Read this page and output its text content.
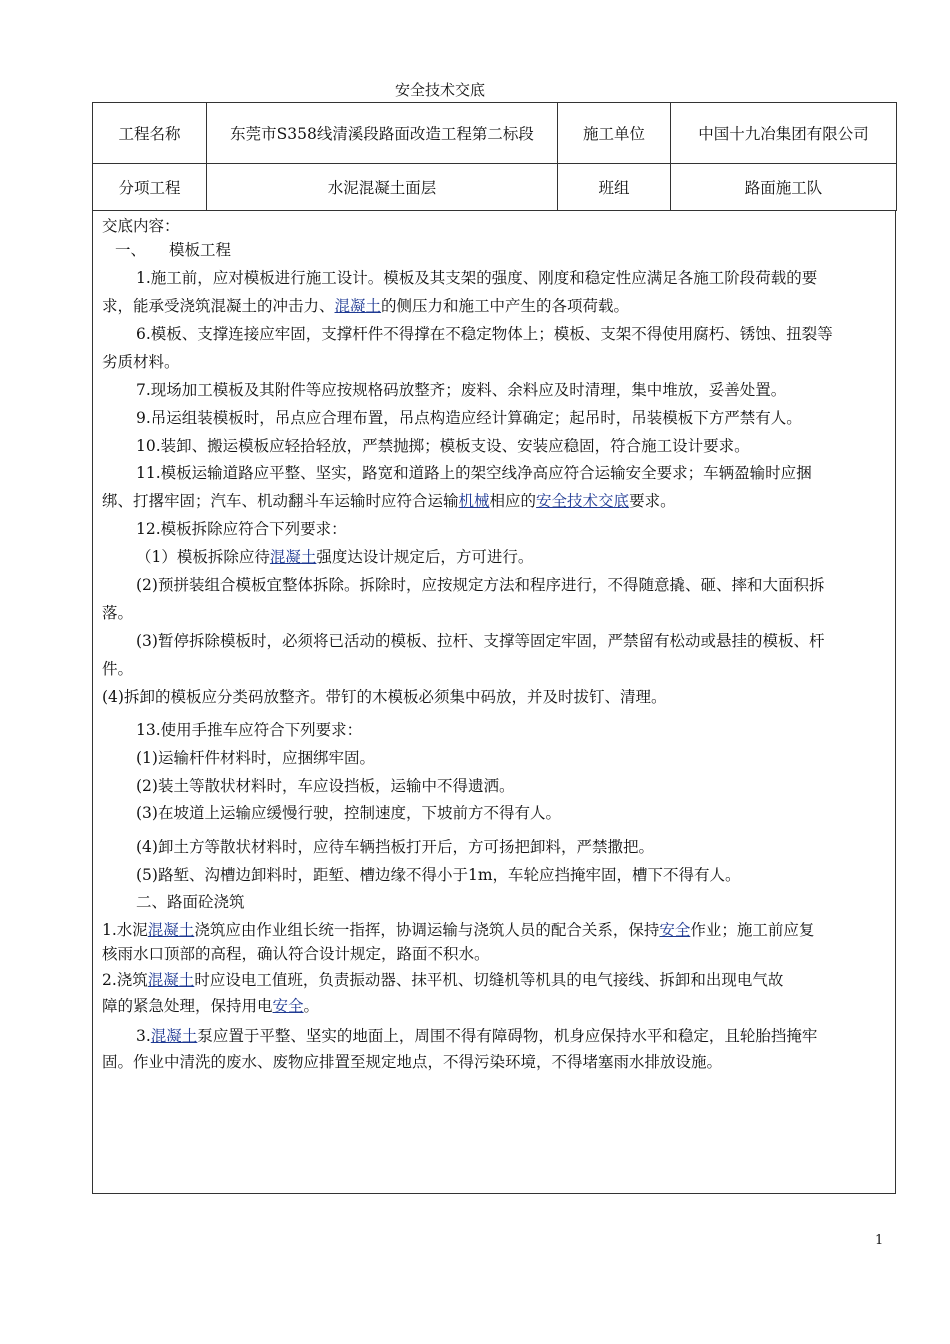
安全技术交底
工程名称	东莞市S358线清溪段路面改造工程第二标段	施工单位	中国十九冶集团有限公司
分项工程	水泥混凝土面层	班组	路面施工队
交底内容：
一、 模板工程
1.施工前，应对模板进行施工设计。模板及其支架的强度、刚度和稳定性应满足各施工阶段荷载的要
求，能承受浇筑混凝土的冲击力、混凝土的侧压力和施工中产生的各项荷载。
6.模板、支撑连接应牢固，支撑杆件不得撑在不稳定物体上；模板、支架不得使用腐朽、锈蚀、扭裂等
劣质材料。
7.现场加工模板及其附件等应按规格码放整齐；废料、余料应及时清理，集中堆放，妥善处置。
9.吊运组装模板时，吊点应合理布置，吊点构造应经计算确定；起吊时，吊装模板下方严禁有人。
10.装卸、搬运模板应轻拾轻放，严禁抛掷；模板支设、安装应稳固，符合施工设计要求。
11.模板运输道路应平整、坚实，路宽和道路上的架空线净高应符合运输安全要求；车辆盈输时应捆
绑、打撂牢固；汽车、机动翻斗车运输时应符合运输机械相应的安全技术交底要求。
12.模板拆除应符合下列要求：
（1）模板拆除应待混凝土强度达设计规定后，方可进行。
(2)预拼装组合模板宜整体拆除。拆除时，应按规定方法和程序进行，不得随意撬、砸、摔和大面积拆
落。
(3)暂停拆除模板时，必须将已活动的模板、拉杆、支撑等固定牢固，严禁留有松动或悬挂的模板、杆
件。
(4)拆卸的模板应分类码放整齐。带钉的木模板必须集中码放，并及时拔钉、清理。
13.使用手推车应符合下列要求：
(1)运输杆件材料时，应捆绑牢固。
(2)装土等散状材料时，车应设挡板，运输中不得遗洒。
(3)在坡道上运输应缓慢行驶，控制速度，下坡前方不得有人。
(4)卸土方等散状材料时，应待车辆挡板打开后，方可扬把卸料，严禁撒把。
(5)路堑、沟槽边卸料时，距堑、槽边缘不得小于1m，车轮应挡掩牢固，槽下不得有人。
二、路面砼浇筑
1.水泥混凝土浇筑应由作业组长统一指挥，协调运输与浇筑人员的配合关系，保持安全作业；施工前应复
核雨水口顶部的高程，确认符合设计规定，路面不积水。
2.浇筑混凝土时应设电工值班，负责振动器、抹平机、切缝机等机具的电气接线、拆卸和出现电气故
障的紧急处理，保持用电安全。
3.混凝土泵应置于平整、坚实的地面上，周围不得有障碍物，机身应保持水平和稳定，且轮胎挡掩牢
固。作业中清洗的废水、废物应排置至规定地点，不得污染环境，不得堵塞雨水排放设施。
1
